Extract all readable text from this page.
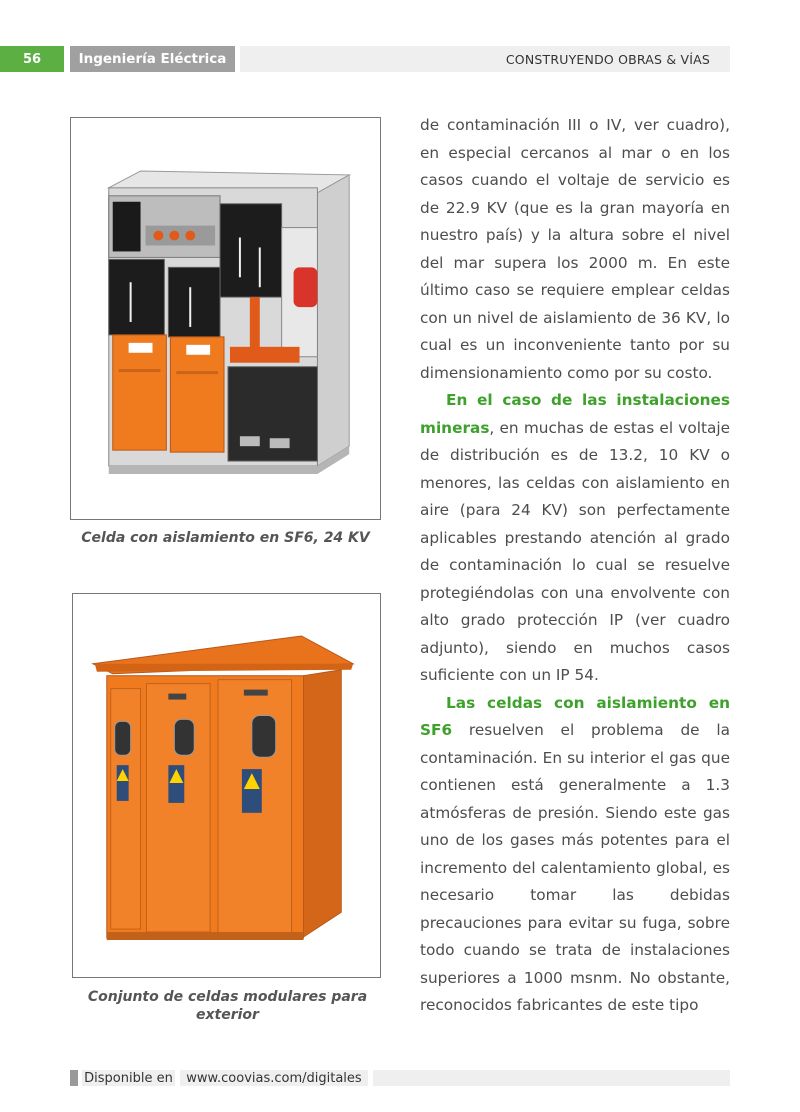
56	Ingeniería Eléctrica	CONSTRUYENDO OBRAS & VÍAS
Celda con aislamiento en SF6, 24 KV
Conjunto de celdas modulares para exterior

de contaminación III o IV, ver cuadro), en especial cercanos al mar o en los casos cuando el voltaje de servicio es de 22.9 KV (que es la gran mayoría en nuestro país) y la altura sobre el nivel del mar supera los 2000 m. En este último caso se requiere emplear celdas con un nivel de aislamiento de 36 KV, lo cual es un inconveniente tanto por su dimensionamiento como por su costo.

En el caso de las instalaciones mineras, en muchas de estas el voltaje de distribución es de 13.2, 10 KV o menores, las celdas con aislamiento en aire (para 24 KV) son perfectamente aplicables prestando atención al grado de contaminación lo cual se resuelve protegiéndolas con una envolvente con alto grado protección IP (ver cuadro adjunto), siendo en muchos casos suficiente con un IP 54.

Las celdas con aislamiento en SF6 resuelven el problema de la contaminación. En su interior el gas que contienen está generalmente a 1.3 atmósferas de presión. Siendo este gas uno de los gases más potentes para el incremento del calentamiento global, es necesario tomar las debidas precauciones para evitar su fuga, sobre todo cuando se trata de instalaciones superiores a 1000 msnm. No obstante, reconocidos fabricantes de este tipo

Disponible en	www.coovias.com/digitales
